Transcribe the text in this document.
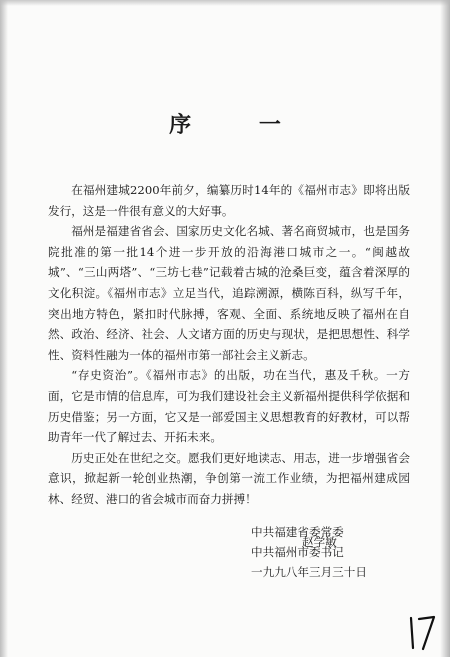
序 一

在福州建城2200年前夕，编纂历时14年的《福州市志》即将出版发行，这是一件很有意义的大好事。

福州是福建省省会、国家历史文化名城、著名商贸城市，也是国务院批准的第一批14个进一步开放的沿海港口城市之一。“闽越故城”、“三山两塔”、“三坊七巷”记载着古城的沧桑巨变，蕴含着深厚的文化积淀。《福州市志》立足当代，追踪溯源，横陈百科，纵写千年，突出地方特色，紧扣时代脉搏，客观、全面、系统地反映了福州在自然、政治、经济、社会、人文诸方面的历史与现状，是把思想性、科学性、资料性融为一体的福州市第一部社会主义新志。

“存史资治”。《福州市志》的出版，功在当代，惠及千秋。一方面，它是市情的信息库，可为我们建设社会主义新福州提供科学依据和历史借鉴；另一方面，它又是一部爱国主义思想教育的好教材，可以帮助青年一代了解过去、开拓未来。

历史正处在世纪之交。愿我们更好地读志、用志，进一步增强省会意识，掀起新一轮创业热潮，争创第一流工作业绩，为把福州建成园林、经贸、港口的省会城市而奋力拼搏！

中共福建省委常委
中共福州市委书记
一九九八年三月三十日
赵学敏
